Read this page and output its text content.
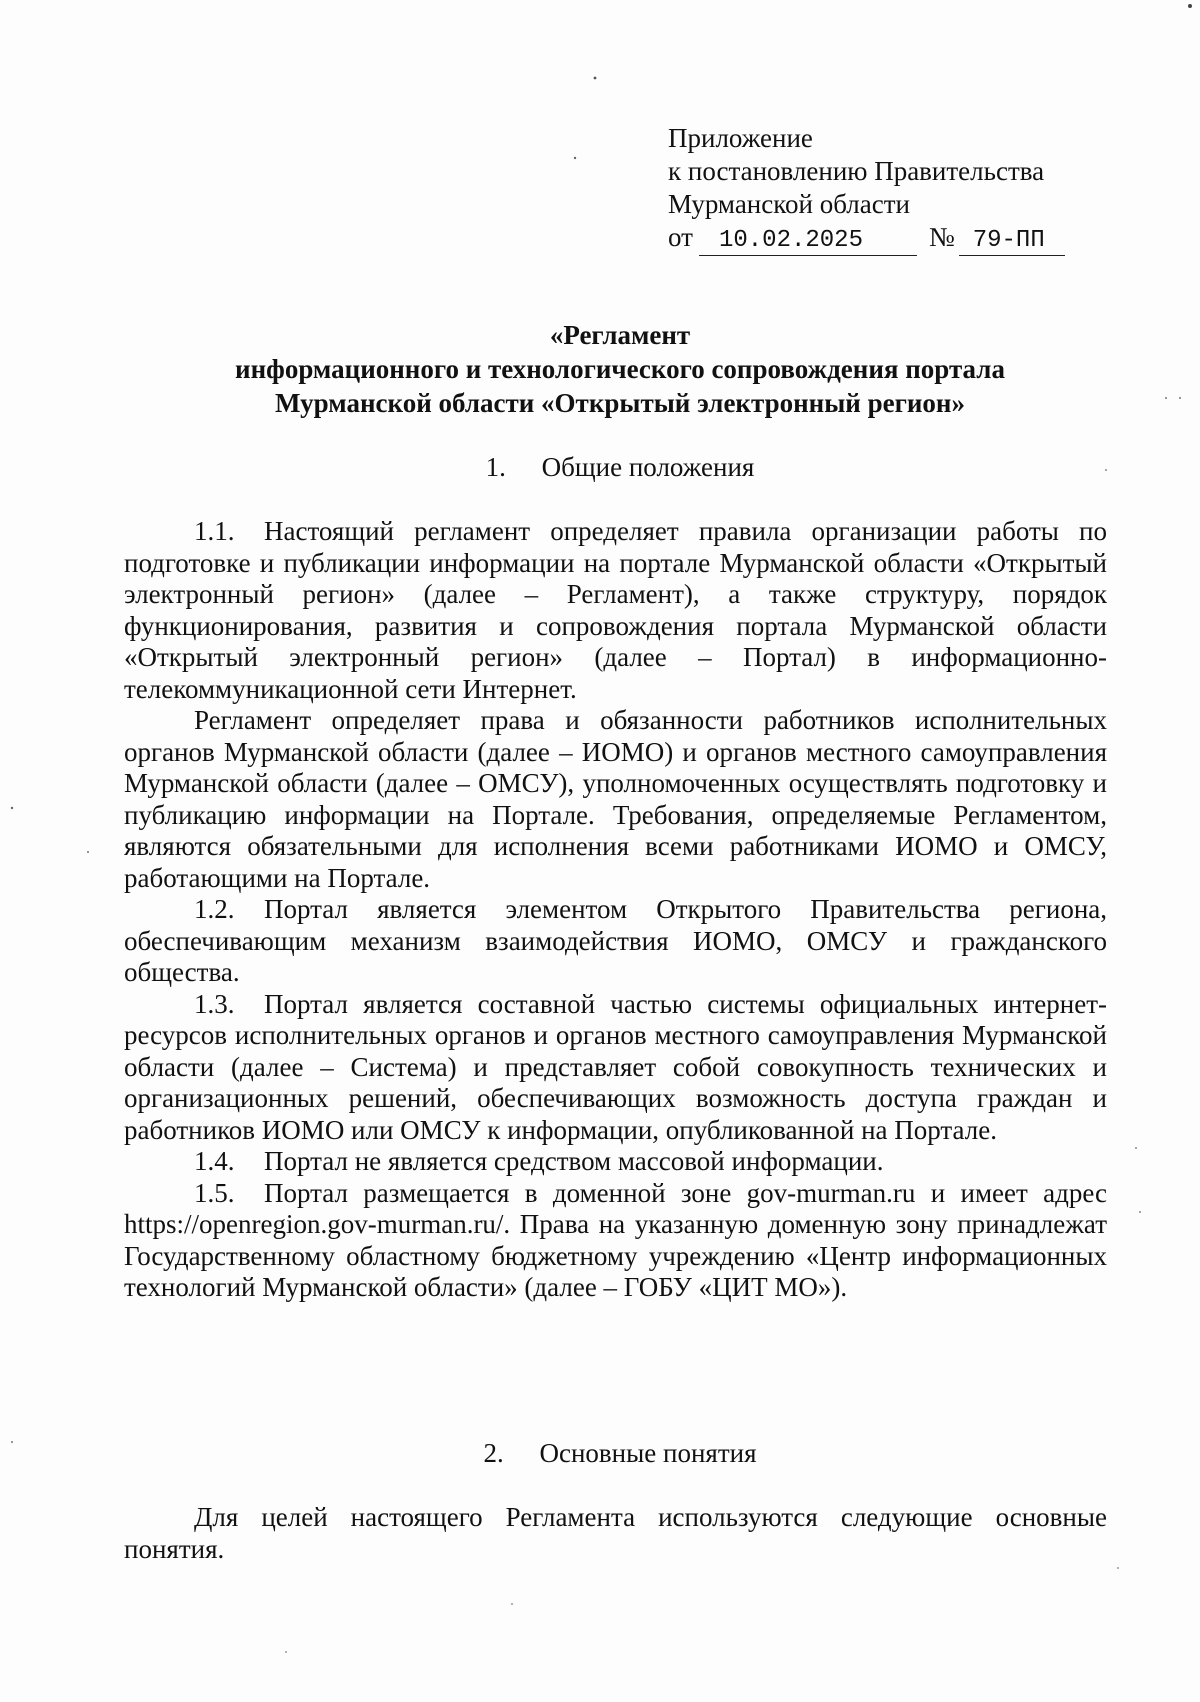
Приложение
к постановлению Правительства
Мурманской области
от 10.02.2025 № 79-ПП
«Регламент
информационного и технологического сопровождения портала
Мурманской области «Открытый электронный регион»
1. Общие положения

1.1. Настоящий регламент определяет правила организации работы по подготовке и публикации информации на портале Мурманской области «Открытый электронный регион» (далее – Регламент), а также структуру, порядок функционирования, развития и сопровождения портала Мурманской области «Открытый электронный регион» (далее – Портал) в информационно-телекоммуникационной сети Интернет.

Регламент определяет права и обязанности работников исполнительных органов Мурманской области (далее – ИОМО) и органов местного самоуправления Мурманской области (далее – ОМСУ), уполномоченных осуществлять подготовку и публикацию информации на Портале. Требования, определяемые Регламентом, являются обязательными для исполнения всеми работниками ИОМО и ОМСУ, работающими на Портале.

1.2. Портал является элементом Открытого Правительства региона, обеспечивающим механизм взаимодействия ИОМО, ОМСУ и гражданского общества.

1.3. Портал является составной частью системы официальных интернет-ресурсов исполнительных органов и органов местного самоуправления Мурманской области (далее – Система) и представляет собой совокупность технических и организационных решений, обеспечивающих возможность доступа граждан и работников ИОМО или ОМСУ к информации, опубликованной на Портале.

1.4. Портал не является средством массовой информации.

1.5. Портал размещается в доменной зоне gov-murman.ru и имеет адрес https://openregion.gov-murman.ru/. Права на указанную доменную зону принадлежат Государственному областному бюджетному учреждению «Центр информационных технологий Мурманской области» (далее – ГОБУ «ЦИТ МО»).

2. Основные понятия

Для целей настоящего Регламента используются следующие основные понятия.
